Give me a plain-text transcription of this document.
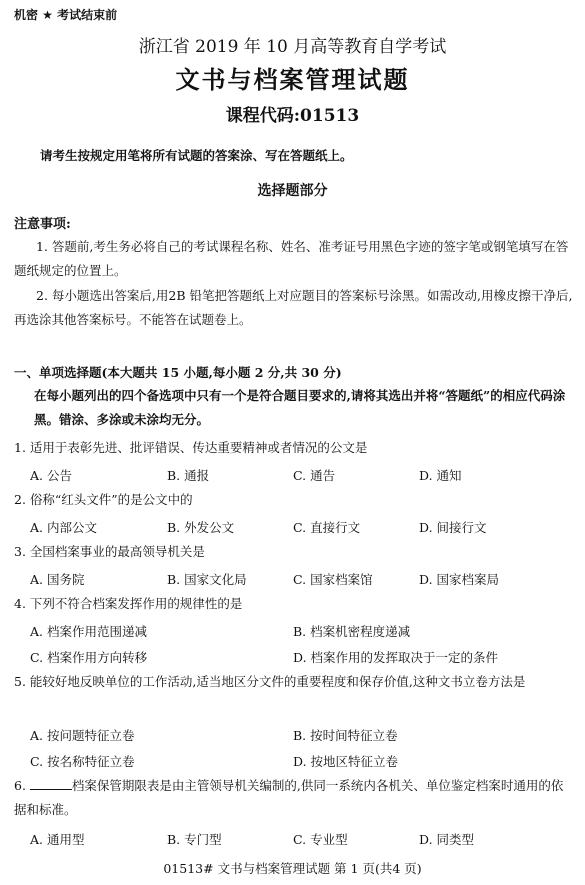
机密 ★ 考试结束前
浙江省 2019 年 10 月高等教育自学考试
文书与档案管理试题
课程代码:01513
请考生按规定用笔将所有试题的答案涂、写在答题纸上。
选择题部分
注意事项:
1. 答题前,考生务必将自己的考试课程名称、姓名、准考证号用黑色字迹的签字笔或钢笔填写在答题纸规定的位置上。
2. 每小题选出答案后,用2B 铅笔把答题纸上对应题目的答案标号涂黑。如需改动,用橡皮擦干净后,再选涂其他答案标号。不能答在试题卷上。
一、单项选择题(本大题共 15 小题,每小题 2 分,共 30 分)
在每小题列出的四个备选项中只有一个是符合题目要求的,请将其选出并将“答题纸”的相应代码涂黑。错涂、多涂或未涂均无分。
1. 适用于表彰先进、批评错误、传达重要精神或者情况的公文是
A. 公告	B. 通报	C. 通告	D. 通知
2. 俗称“红头文件”的是公文中的
A. 内部公文	B. 外发公文	C. 直接行文	D. 间接行文
3. 全国档案事业的最高领导机关是
A. 国务院	B. 国家文化局	C. 国家档案馆	D. 国家档案局
4. 下列不符合档案发挥作用的规律性的是
A. 档案作用范围递减	B. 档案机密程度递减
C. 档案作用方向转移	D. 档案作用的发挥取决于一定的条件
5. 能较好地反映单位的工作活动,适当地区分文件的重要程度和保存价值,这种文书立卷方法是
A. 按问题特征立卷	B. 按时间特征立卷
C. 按名称特征立卷	D. 按地区特征立卷
6.	档案保管期限表是由主管领导机关编制的,供同一系统内各机关、单位鉴定档案时通用的依据和标准。
A. 通用型	B. 专门型	C. 专业型	D. 同类型
01513# 文书与档案管理试题 第 1 页(共4 页)
